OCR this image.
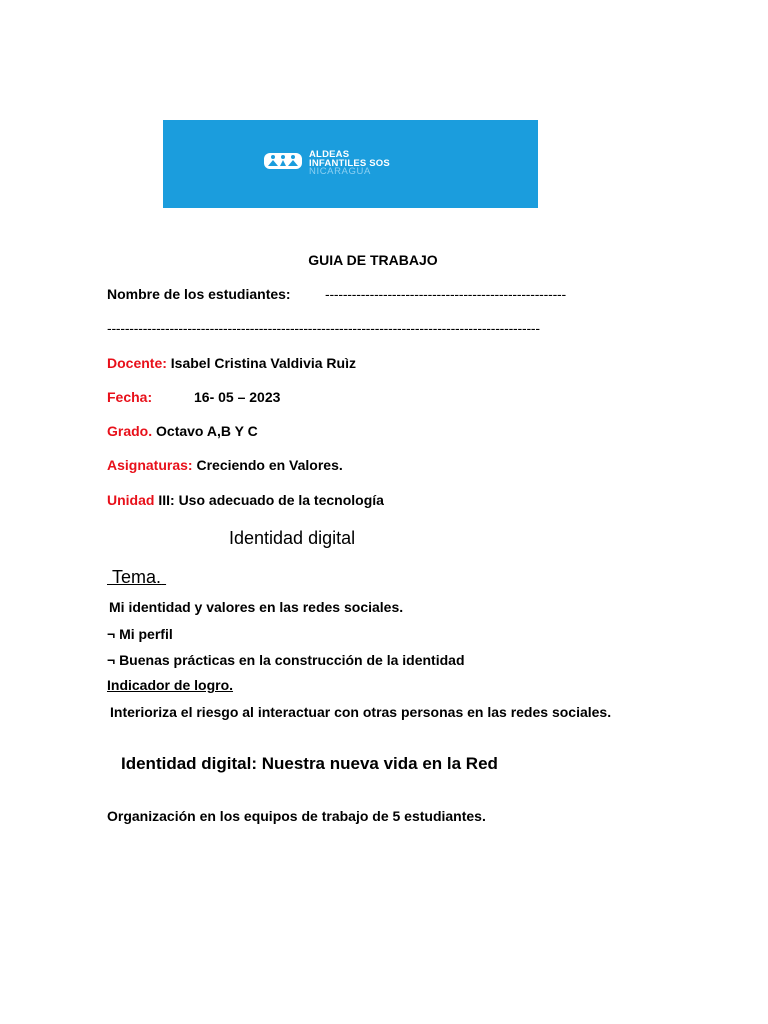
ALDEAS
INFANTILES SOS
NICARAGUA
GUIA DE TRABAJO
Nombre de los estudiantes: ------------------------------------------------------
-------------------------------------------------------------------------------------------------
Docente: Isabel Cristina Valdivia Ruìz
Fecha:	16- 05 – 2023
Grado. Octavo A,B Y C
Asignaturas: Creciendo en Valores.
Unidad III: Uso adecuado de la tecnología
Identidad digital
Tema.
Mi identidad y valores en las redes sociales.
¬ Mi perfil
¬ Buenas prácticas en la construcción de la identidad
Indicador de logro.
Interioriza el riesgo al interactuar con otras personas en las redes sociales.
Identidad digital: Nuestra nueva vida en la Red
Organización en los equipos de trabajo de 5 estudiantes.
